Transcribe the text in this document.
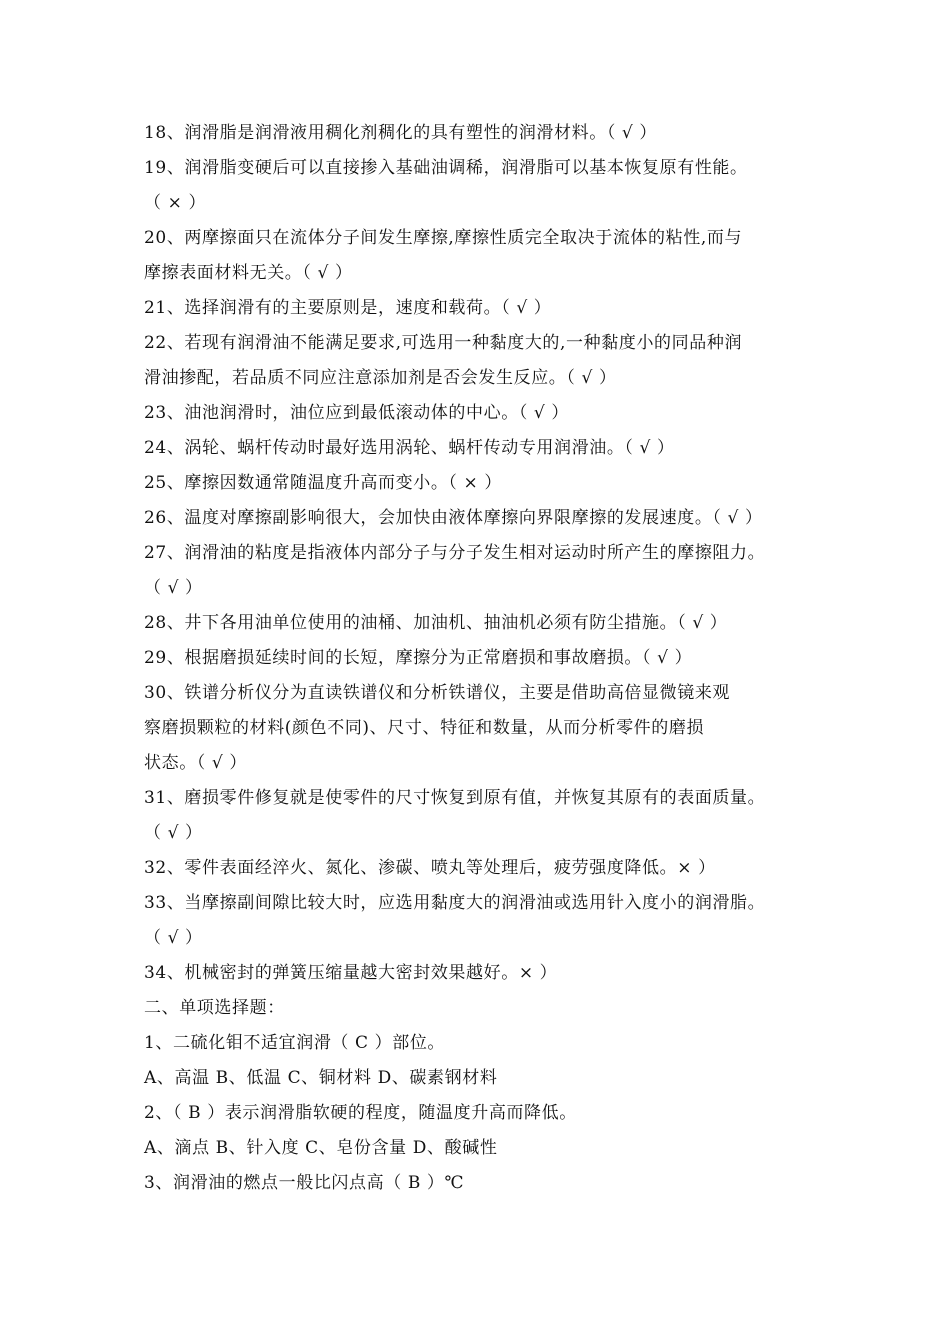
18、润滑脂是润滑液用稠化剂稠化的具有塑性的润滑材料。（ √ ）
19、润滑脂变硬后可以直接掺入基础油调稀，润滑脂可以基本恢复原有性能。
（ × ）
20、两摩擦面只在流体分子间发生摩擦,摩擦性质完全取决于流体的粘性,而与
摩擦表面材料无关。（ √ ）
21、选择润滑有的主要原则是，速度和载荷。（ √ ）
22、若现有润滑油不能满足要求,可选用一种黏度大的,一种黏度小的同品种润
滑油掺配，若品质不同应注意添加剂是否会发生反应。（ √ ）
23、油池润滑时，油位应到最低滚动体的中心。（ √ ）
24、涡轮、蜗杆传动时最好选用涡轮、蜗杆传动专用润滑油。（ √ ）
25、摩擦因数通常随温度升高而变小。（ × ）
26、温度对摩擦副影响很大，会加快由液体摩擦向界限摩擦的发展速度。（ √ ）
27、润滑油的粘度是指液体内部分子与分子发生相对运动时所产生的摩擦阻力。
（ √ ）
28、井下各用油单位使用的油桶、加油机、抽油机必须有防尘措施。（ √ ）
29、根据磨损延续时间的长短，摩擦分为正常磨损和事故磨损。（ √ ）
30、铁谱分析仪分为直读铁谱仪和分析铁谱仪，主要是借助高倍显微镜来观
察磨损颗粒的材料(颜色不同)、尺寸、特征和数量，从而分析零件的磨损
状态。（ √ ）
31、磨损零件修复就是使零件的尺寸恢复到原有值，并恢复其原有的表面质量。
（ √ ）
32、零件表面经淬火、氮化、渗碳、喷丸等处理后，疲劳强度降低。× ）
33、当摩擦副间隙比较大时，应选用黏度大的润滑油或选用针入度小的润滑脂。
（ √ ）
34、机械密封的弹簧压缩量越大密封效果越好。× ）
二、单项选择题：
1、二硫化钼不适宜润滑（ C ）部位。
A、高温 B、低温 C、铜材料 D、碳素钢材料
2、（ B ）表示润滑脂软硬的程度，随温度升高而降低。
A、滴点 B、针入度 C、皂份含量 D、酸碱性
3、润滑油的燃点一般比闪点高（ B ）℃
